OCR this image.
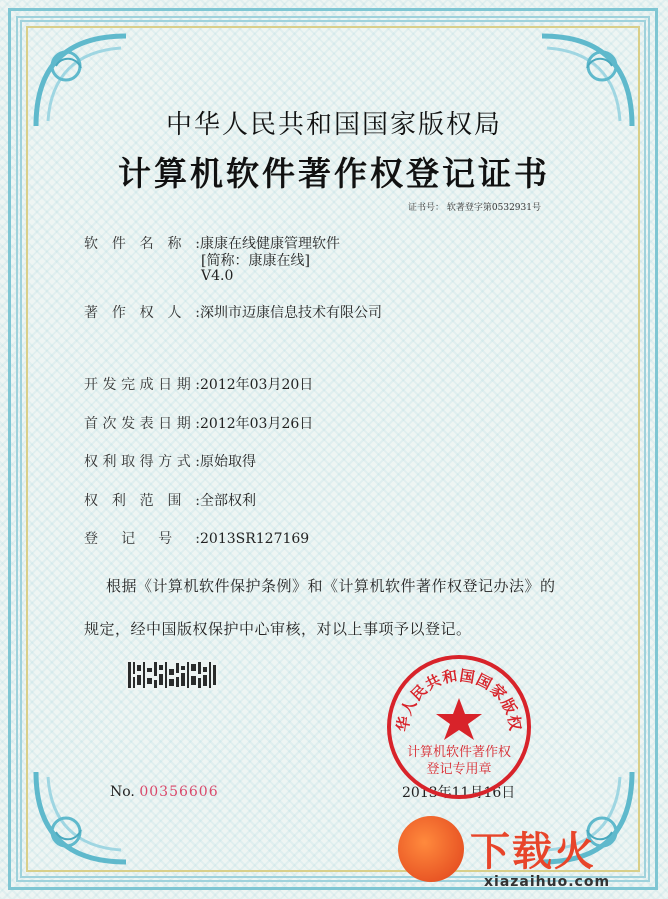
中华人民共和国国家版权局
计算机软件著作权登记证书
证书号： 软著登字第0532931号
软件名称:康康在线健康管理软件
[简称：康康在线]
V4.0
著作权人:深圳市迈康信息技术有限公司
开发完成日期:2012年03月20日
首次发表日期:2012年03月26日
权利取得方式:原始取得
权利范围:全部权利
登记号:2013SR127169
根据《计算机软件保护条例》和《计算机软件著作权登记办法》的
规定，经中国版权保护中心审核，对以上事项予以登记。
No. 00356606	2013年11月16日
华人民共和国国家版权
计算机软件著作权
登记专用章
下载火
xiazaihuo.com
